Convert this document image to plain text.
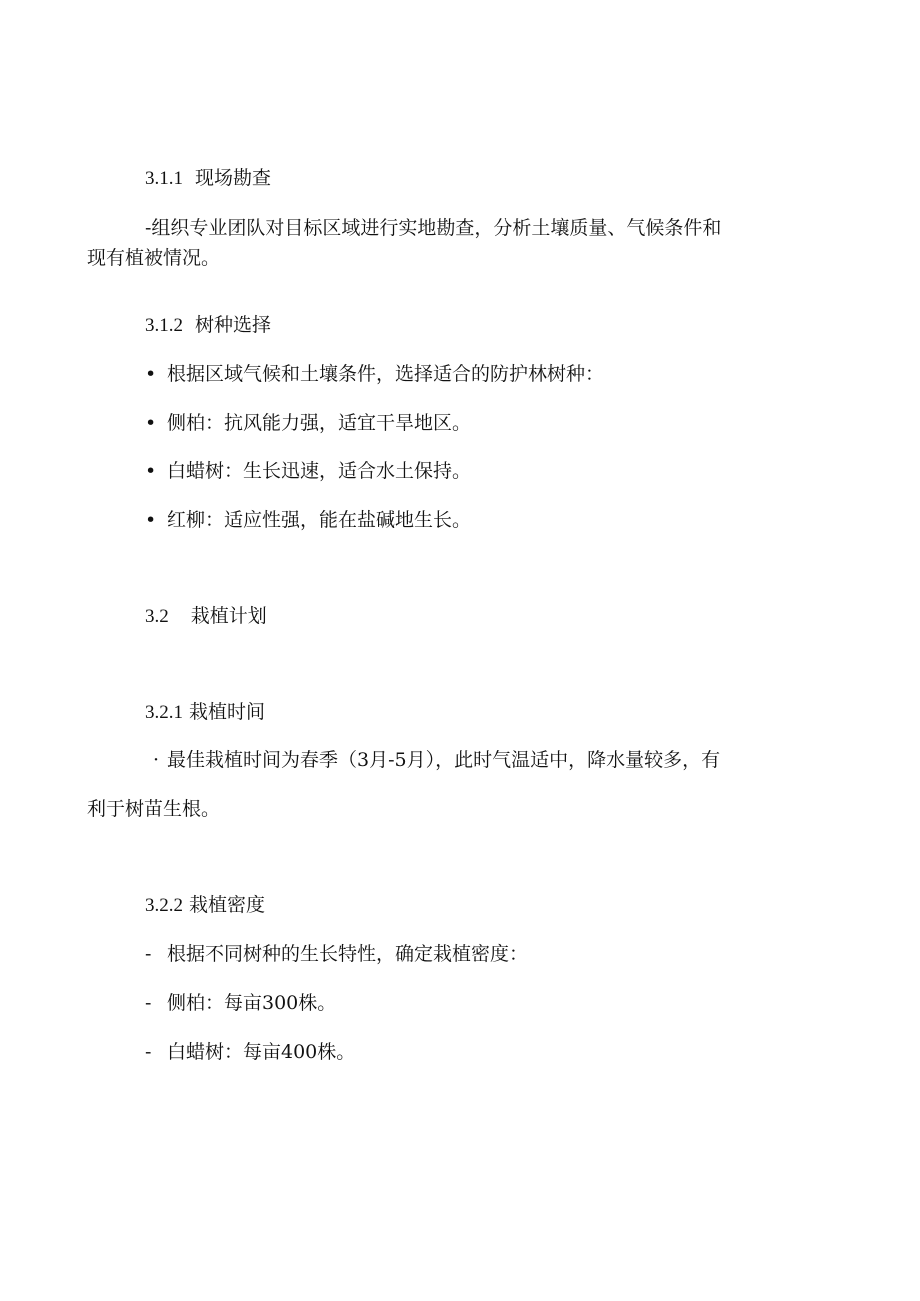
3.1.1 现场勘查
-组织专业团队对目标区域进行实地勘查，分析土壤质量、气候条件和
现有植被情况。
3.1.2 树种选择
• 根据区域气候和土壤条件，选择适合的防护林树种：
• 侧柏：抗风能力强，适宜干旱地区。
• 白蜡树：生长迅速，适合水土保持。
• 红柳：适应性强，能在盐碱地生长。
3.2 栽植计划
3.2.1 栽植时间
· 最佳栽植时间为春季（3月-5月），此时气温适中，降水量较多，有
利于树苗生根。
3.2.2 栽植密度
- 根据不同树种的生长特性，确定栽植密度：
- 侧柏：每亩300株。
- 白蜡树：每亩400株。
